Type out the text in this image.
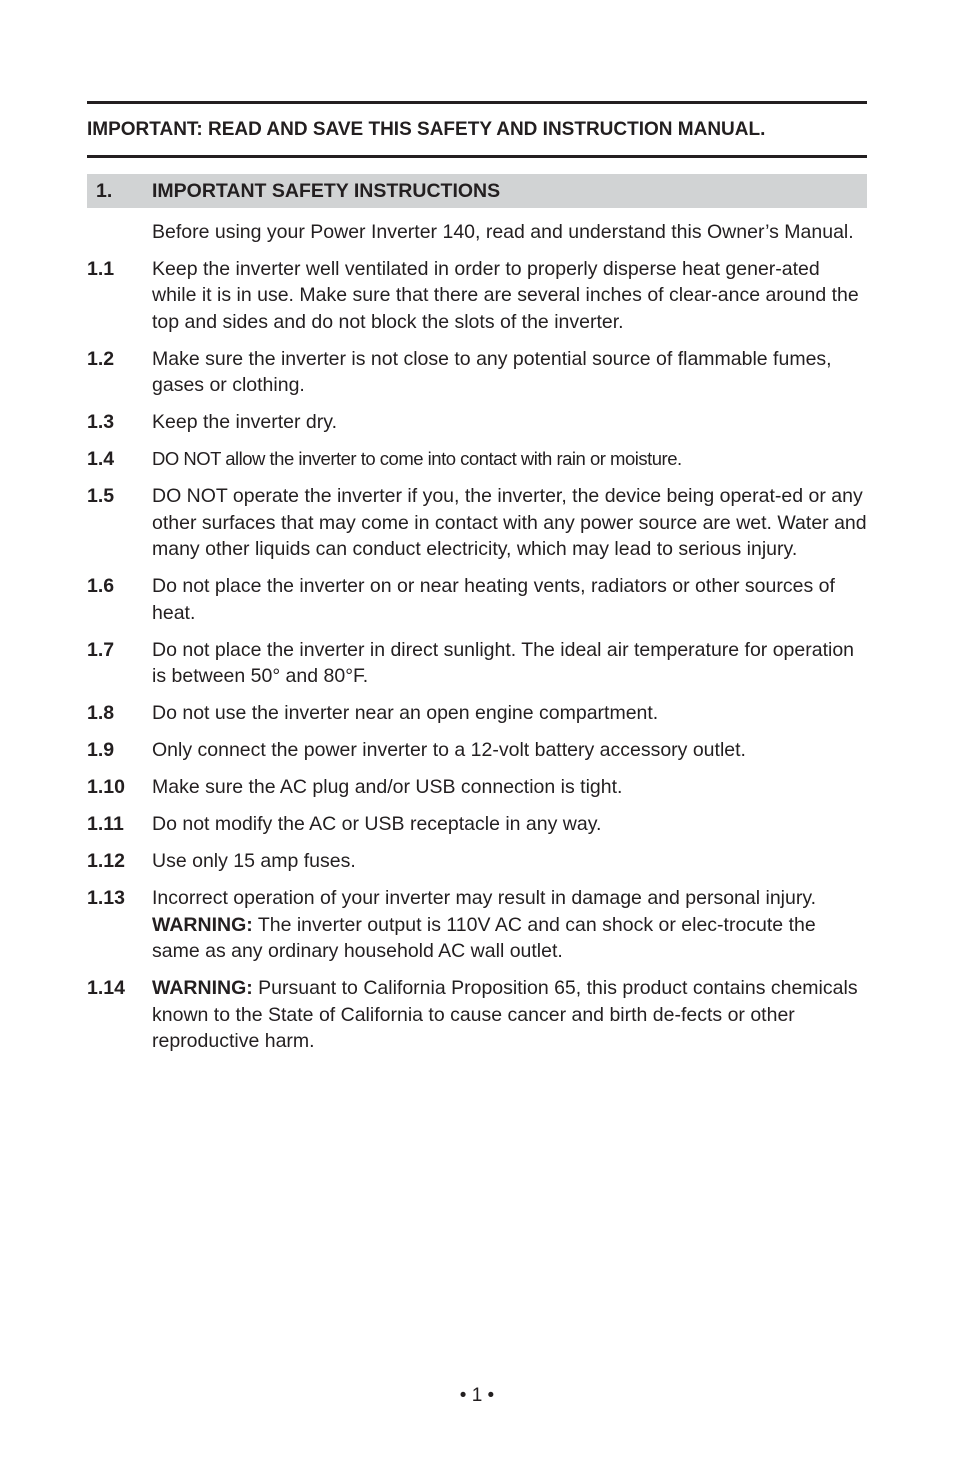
IMPORTANT: READ AND SAVE THIS SAFETY AND INSTRUCTION MANUAL.
1.	IMPORTANT SAFETY INSTRUCTIONS
Before using your Power Inverter 140, read and understand this Owner’s Manual.
1.1	Keep the inverter well ventilated in order to properly disperse heat gener-ated while it is in use. Make sure that there are several inches of clear-ance around the top and sides and do not block the slots of the inverter.
1.2	Make sure the inverter is not close to any potential source of flammable fumes, gases or clothing.
1.3	Keep the inverter dry.
1.4	DO NOT allow the inverter to come into contact with rain or moisture.
1.5	DO NOT operate the inverter if you, the inverter, the device being operat-ed or any other surfaces that may come in contact with any power source are wet. Water and many other liquids can conduct electricity, which may lead to serious injury.
1.6	Do not place the inverter on or near heating vents, radiators or other sources of heat.
1.7	Do not place the inverter in direct sunlight. The ideal air temperature for operation is between 50° and 80°F.
1.8	Do not use the inverter near an open engine compartment.
1.9	Only connect the power inverter to a 12-volt battery accessory outlet.
1.10	Make sure the AC plug and/or USB connection is tight.
1.11	Do not modify the AC or USB receptacle in any way.
1.12	Use only 15 amp fuses.
1.13	Incorrect operation of your inverter may result in damage and personal injury. WARNING: The inverter output is 110V AC and can shock or elec-trocute the same as any ordinary household AC wall outlet.
1.14	WARNING: Pursuant to California Proposition 65, this product contains chemicals known to the State of California to cause cancer and birth de-fects or other reproductive harm.
• 1 •
